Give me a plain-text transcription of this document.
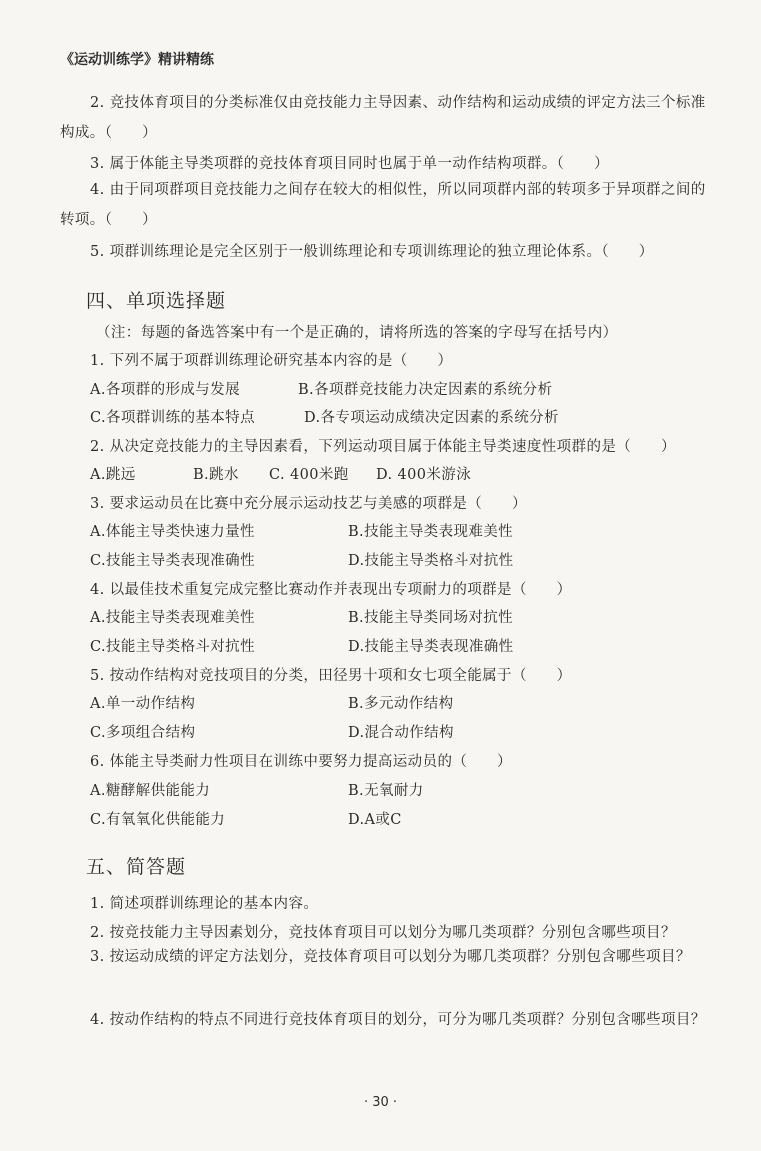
《运动训练学》精讲精练
2. 竞技体育项目的分类标准仅由竞技能力主导因素、动作结构和运动成绩的评定方法三个标准构成。（　　）
3. 属于体能主导类项群的竞技体育项目同时也属于单一动作结构项群。（　　）
4. 由于同项群项目竞技能力之间存在较大的相似性，所以同项群内部的转项多于异项群之间的转项。（　　）
5. 项群训练理论是完全区别于一般训练理论和专项训练理论的独立理论体系。（　　）
四、单项选择题
（注：每题的备选答案中有一个是正确的，请将所选的答案的字母写在括号内）
1. 下列不属于项群训练理论研究基本内容的是（　　）
A.各项群的形成与发展	B.各项群竞技能力决定因素的系统分析
C.各项群训练的基本特点	D.各专项运动成绩决定因素的系统分析
2. 从决定竞技能力的主导因素看，下列运动项目属于体能主导类速度性项群的是（　　）
A.跳远	B.跳水 C. 400米跑 D. 400米游泳
3. 要求运动员在比赛中充分展示运动技艺与美感的项群是（　　）
A.体能主导类快速力量性	B.技能主导类表现难美性
C.技能主导类表现准确性	D.技能主导类格斗对抗性
4. 以最佳技术重复完成完整比赛动作并表现出专项耐力的项群是（　　）
A.技能主导类表现难美性	B.技能主导类同场对抗性
C.技能主导类格斗对抗性	D.技能主导类表现准确性
5. 按动作结构对竞技项目的分类，田径男十项和女七项全能属于（　　）
A.单一动作结构	B.多元动作结构
C.多项组合结构	D.混合动作结构
6. 体能主导类耐力性项目在训练中要努力提高运动员的（　　）
A.糖酵解供能能力	B.无氧耐力
C.有氧氧化供能能力	D.A或C
五、简答题
1. 简述项群训练理论的基本内容。
2. 按竞技能力主导因素划分，竞技体育项目可以划分为哪几类项群？分别包含哪些项目？
3. 按运动成绩的评定方法划分，竞技体育项目可以划分为哪几类项群？分别包含哪些项目？
4. 按动作结构的特点不同进行竞技体育项目的划分，可分为哪几类项群？分别包含哪些项目？
· 30 ·
